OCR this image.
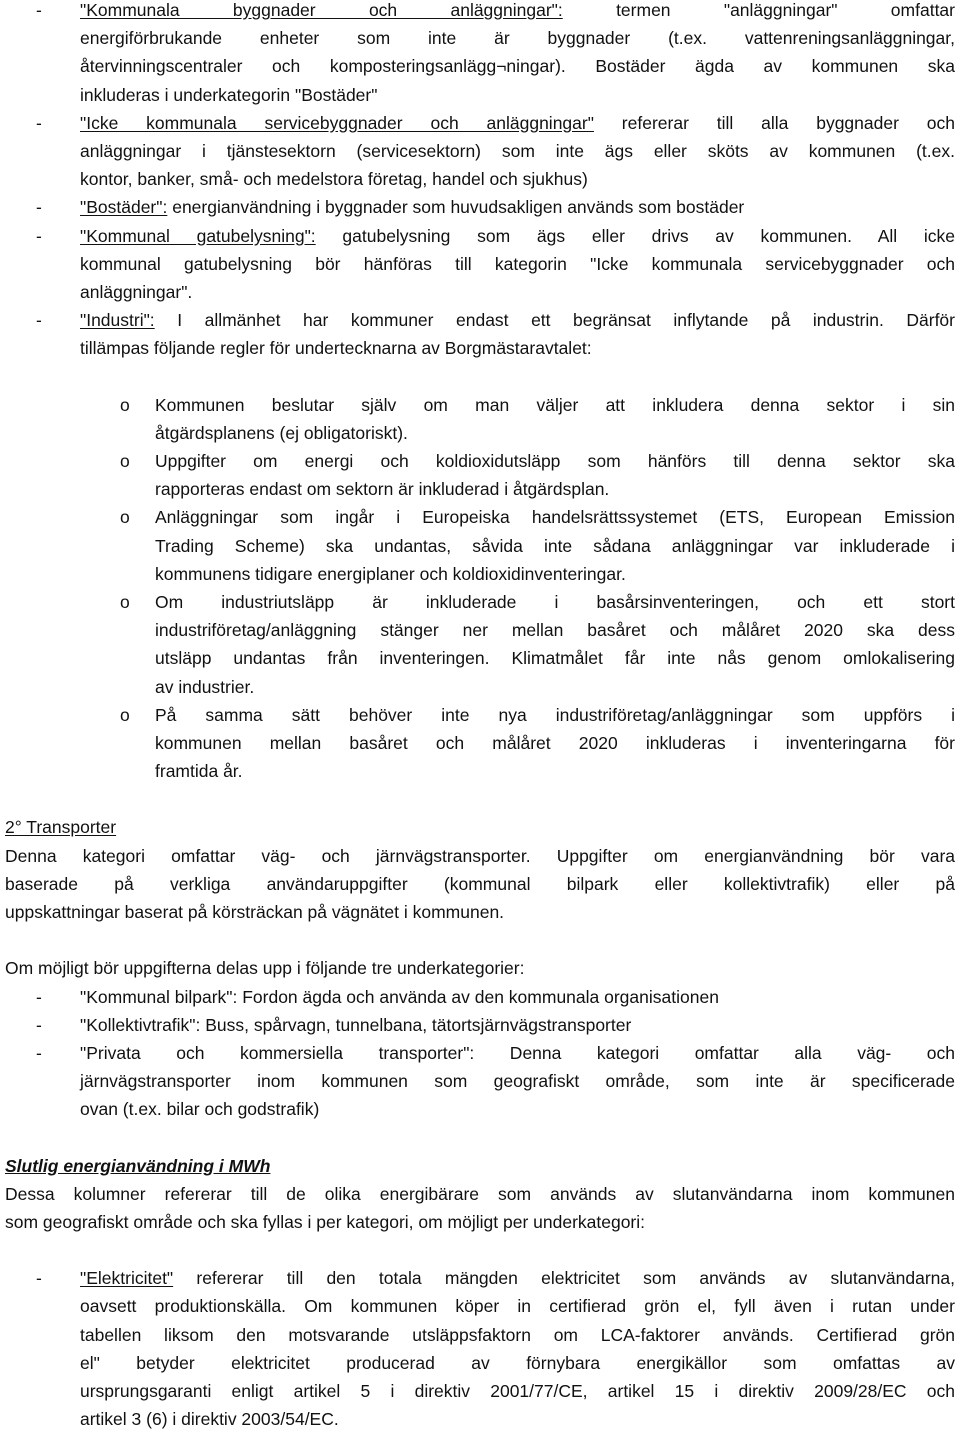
- "Kommunala byggnader och anläggningar": termen "anläggningar" omfattar
energiförbrukande enheter som inte är byggnader (t.ex. vattenreningsanläggningar,
återvinningscentraler och komposteringsanlägg¬ningar). Bostäder ägda av kommunen ska
inkluderas i underkategorin "Bostäder"
- "Icke kommunala servicebyggnader och anläggningar" refererar till alla byggnader och
anläggningar i tjänstesektorn (servicesektorn) som inte ägs eller sköts av kommunen (t.ex.
kontor, banker, små- och medelstora företag, handel och sjukhus)
- "Bostäder": energianvändning i byggnader som huvudsakligen används som bostäder
- "Kommunal gatubelysning": gatubelysning som ägs eller drivs av kommunen. All icke
kommunal gatubelysning bör hänföras till kategorin "Icke kommunala servicebyggnader och
anläggningar".
- "Industri": I allmänhet har kommuner endast ett begränsat inflytande på industrin. Därför
tillämpas följande regler för undertecknarna av Borgmästaravtalet:
o Kommunen beslutar själv om man väljer att inkludera denna sektor i sin
åtgärdsplanens (ej obligatoriskt).
o Uppgifter om energi och koldioxidutsläpp som hänförs till denna sektor ska
rapporteras endast om sektorn är inkluderad i åtgärdsplan.
o Anläggningar som ingår i Europeiska handelsrättssystemet (ETS, European Emission
Trading Scheme) ska undantas, såvida inte sådana anläggningar var inkluderade i
kommunens tidigare energiplaner och koldioxidinventeringar.
o Om industriutsläpp är inkluderade i basårsinventeringen, och ett stort
industriföretag/anläggning stänger ner mellan basåret och målåret 2020 ska dess
utsläpp undantas från inventeringen. Klimatmålet får inte nås genom omlokalisering
av industrier.
o På samma sätt behöver inte nya industriföretag/anläggningar som uppförs i
kommunen mellan basåret och målåret 2020 inkluderas i inventeringarna för
framtida år.
2° Transporter
Denna kategori omfattar väg- och järnvägstransporter. Uppgifter om energianvändning bör vara
baserade på verkliga användaruppgifter (kommunal bilpark eller kollektivtrafik) eller på
uppskattningar baserat på körsträckan på vägnätet i kommunen.
Om möjligt bör uppgifterna delas upp i följande tre underkategorier:
- "Kommunal bilpark": Fordon ägda och använda av den kommunala organisationen
- "Kollektivtrafik": Buss, spårvagn, tunnelbana, tätortsjärnvägstransporter
- "Privata och kommersiella transporter": Denna kategori omfattar alla väg- och
järnvägstransporter inom kommunen som geografiskt område, som inte är specificerade
ovan (t.ex. bilar och godstrafik)
Slutlig energianvändning i MWh
Dessa kolumner refererar till de olika energibärare som används av slutanvändarna inom kommunen
som geografiskt område och ska fyllas i per kategori, om möjligt per underkategori:
- "Elektricitet" refererar till den totala mängden elektricitet som används av slutanvändarna,
oavsett produktionskälla. Om kommunen köper in certifierad grön el, fyll även i rutan under
tabellen liksom den motsvarande utsläppsfaktorn om LCA-faktorer används. Certifierad grön
el" betyder elektricitet producerad av förnybara energikällor som omfattas av
ursprungsgaranti enligt artikel 5 i direktiv 2001/77/CE, artikel 15 i direktiv 2009/28/EC och
artikel 3 (6) i direktiv 2003/54/EC.
